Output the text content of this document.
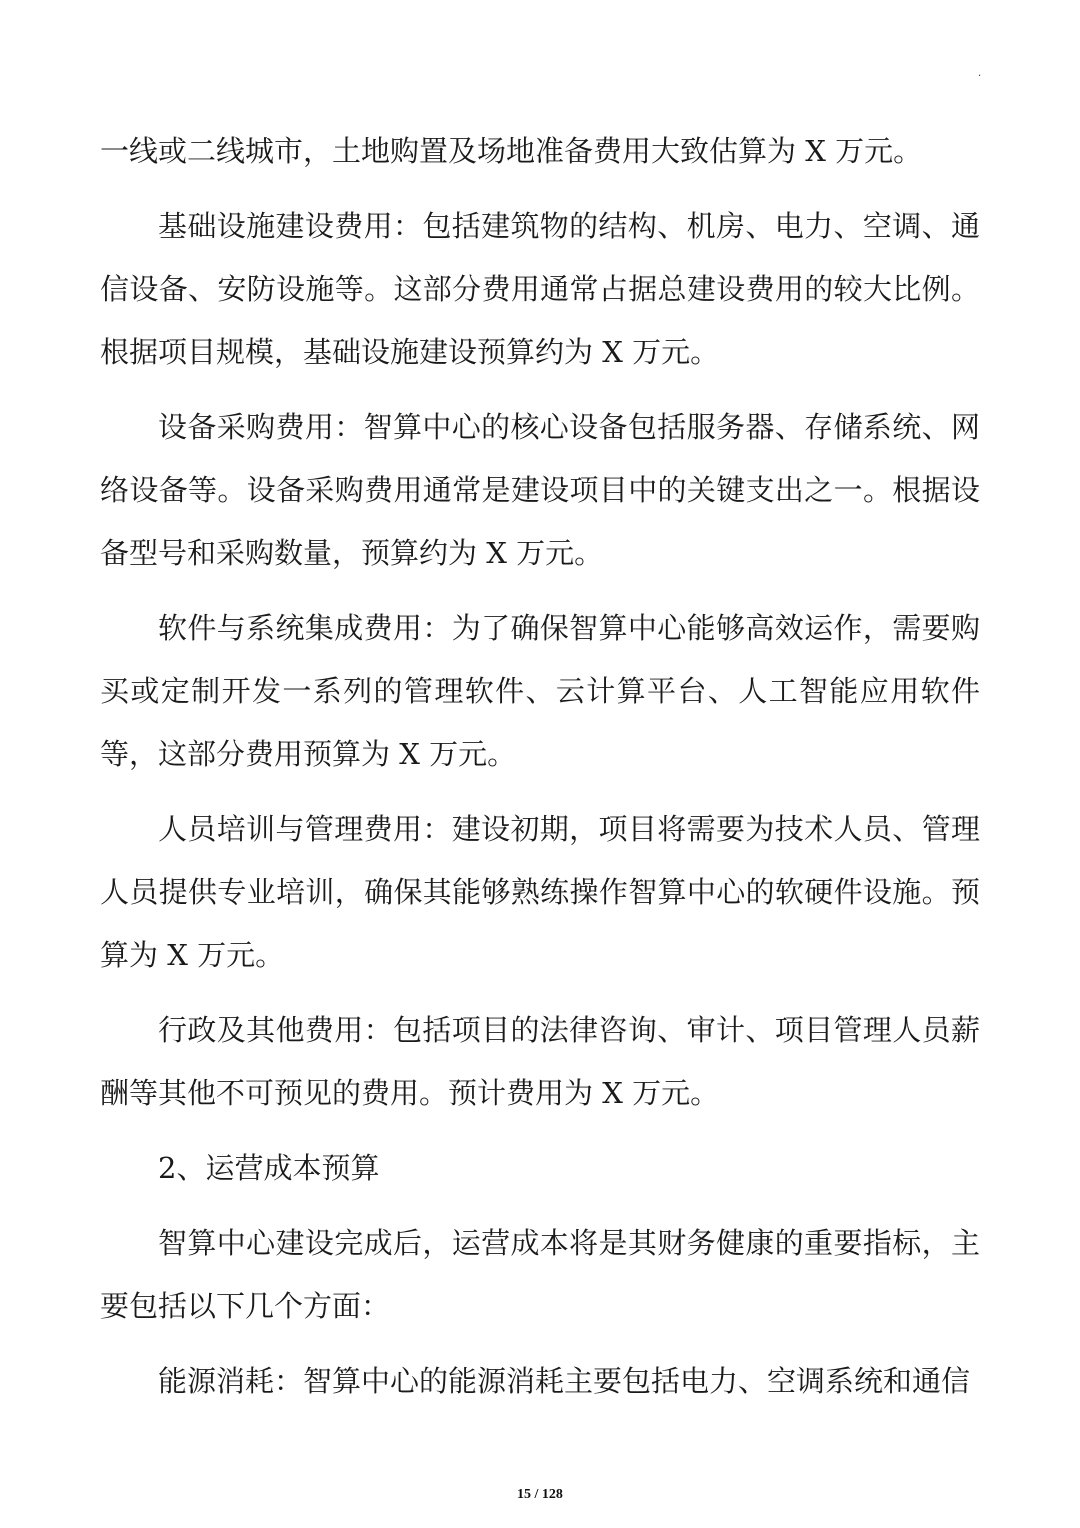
·

一线或二线城市，土地购置及场地准备费用大致估算为 X 万元。

基础设施建设费用：包括建筑物的结构、机房、电力、空调、通信设备、安防设施等。这部分费用通常占据总建设费用的较大比例。根据项目规模，基础设施建设预算约为 X 万元。

设备采购费用：智算中心的核心设备包括服务器、存储系统、网络设备等。设备采购费用通常是建设项目中的关键支出之一。根据设备型号和采购数量，预算约为 X 万元。

软件与系统集成费用：为了确保智算中心能够高效运作，需要购买或定制开发一系列的管理软件、云计算平台、人工智能应用软件等，这部分费用预算为 X 万元。

人员培训与管理费用：建设初期，项目将需要为技术人员、管理人员提供专业培训，确保其能够熟练操作智算中心的软硬件设施。预算为 X 万元。

行政及其他费用：包括项目的法律咨询、审计、项目管理人员薪酬等其他不可预见的费用。预计费用为 X 万元。

2、运营成本预算

智算中心建设完成后，运营成本将是其财务健康的重要指标，主要包括以下几个方面：

能源消耗：智算中心的能源消耗主要包括电力、空调系统和通信

15 / 128
